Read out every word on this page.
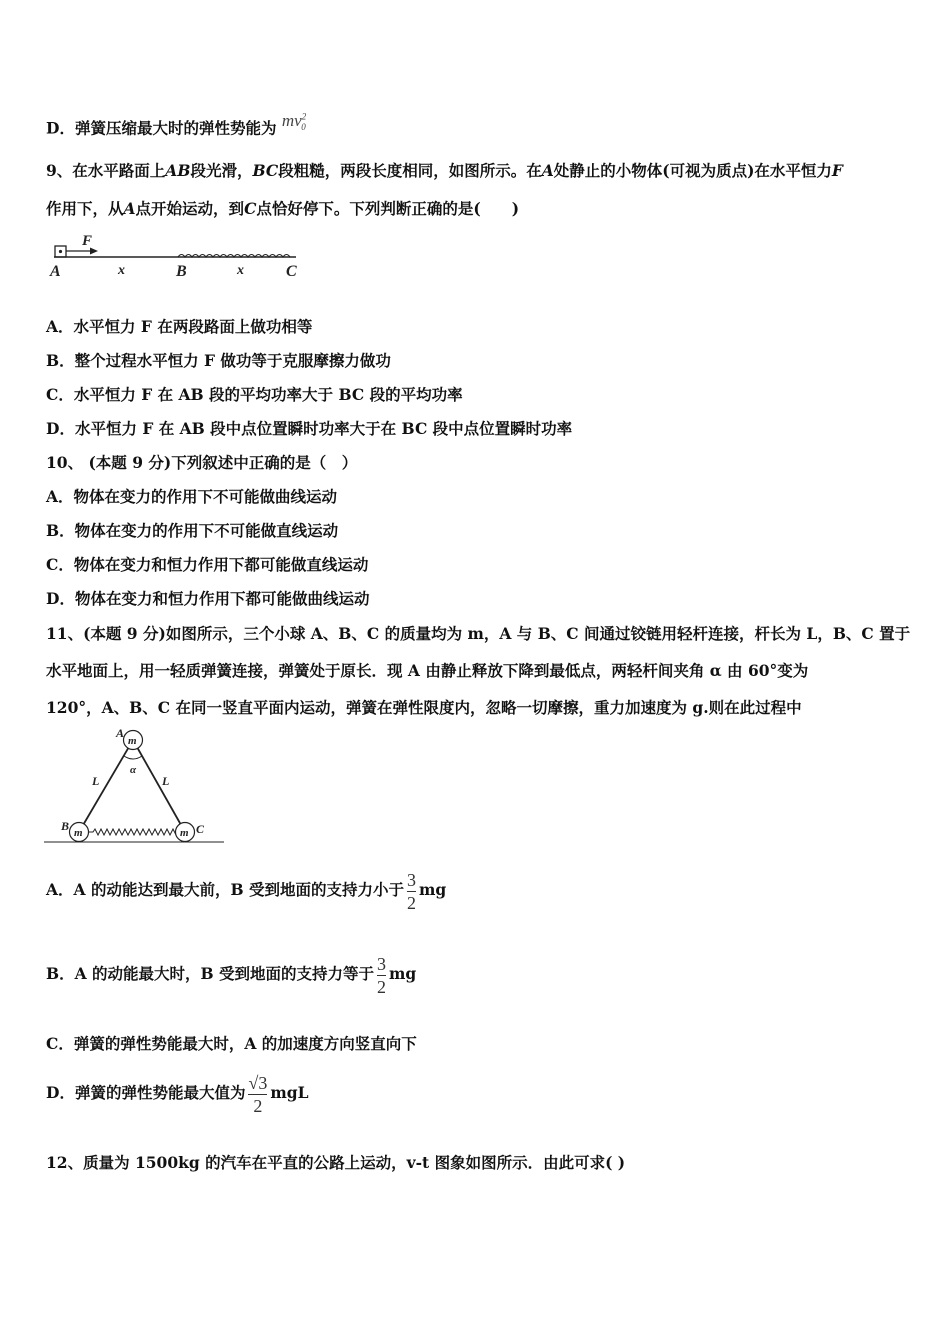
D．弹簧压缩最大时的弹性势能为 $mv^2_0$
9、在水平路面上AB段光滑，BC段粗糙，两段长度相同，如图所示。在A处静止的小物体(可视为质点)在水平恒力F
作用下，从A点开始运动，到C点恰好停下。下列判断正确的是(　　)
F
A	x	B	x	C
A．水平恒力 F 在两段路面上做功相等
B．整个过程水平恒力 F 做功等于克服摩擦力做功
C．水平恒力 F 在 AB 段的平均功率大于 BC 段的平均功率
D．水平恒力 F 在 AB 段中点位置瞬时功率大于在 BC 段中点位置瞬时功率
10、 (本题 9 分)下列叙述中正确的是（　）
A．物体在变力的作用下不可能做曲线运动
B．物体在变力的作用下不可能做直线运动
C．物体在变力和恒力作用下都可能做直线运动
D．物体在变力和恒力作用下都可能做曲线运动
11、(本题 9 分)如图所示，三个小球 A、B、C 的质量均为 m，A 与 B、C 间通过铰链用轻杆连接，杆长为 L，B、C 置于
水平地面上，用一轻质弹簧连接，弹簧处于原长．现 A 由静止释放下降到最低点，两轻杆间夹角 α 由 60°变为
120°，A、B、C 在同一竖直平面内运动，弹簧在弹性限度内，忽略一切摩擦，重力加速度为 g.则在此过程中
m
m	m
A
B	C
L	L
α
A．A 的动能达到最大前，B 受到地面的支持力小于 $\frac{3}{2}$ mg
B．A 的动能最大时，B 受到地面的支持力等于 $\frac{3}{2}$ mg
C．弹簧的弹性势能最大时，A 的加速度方向竖直向下
D．弹簧的弹性势能最大值为 $\frac{√3}{2}$ mgL
12、质量为 1500kg 的汽车在平直的公路上运动，v-t 图象如图所示．由此可求( )
